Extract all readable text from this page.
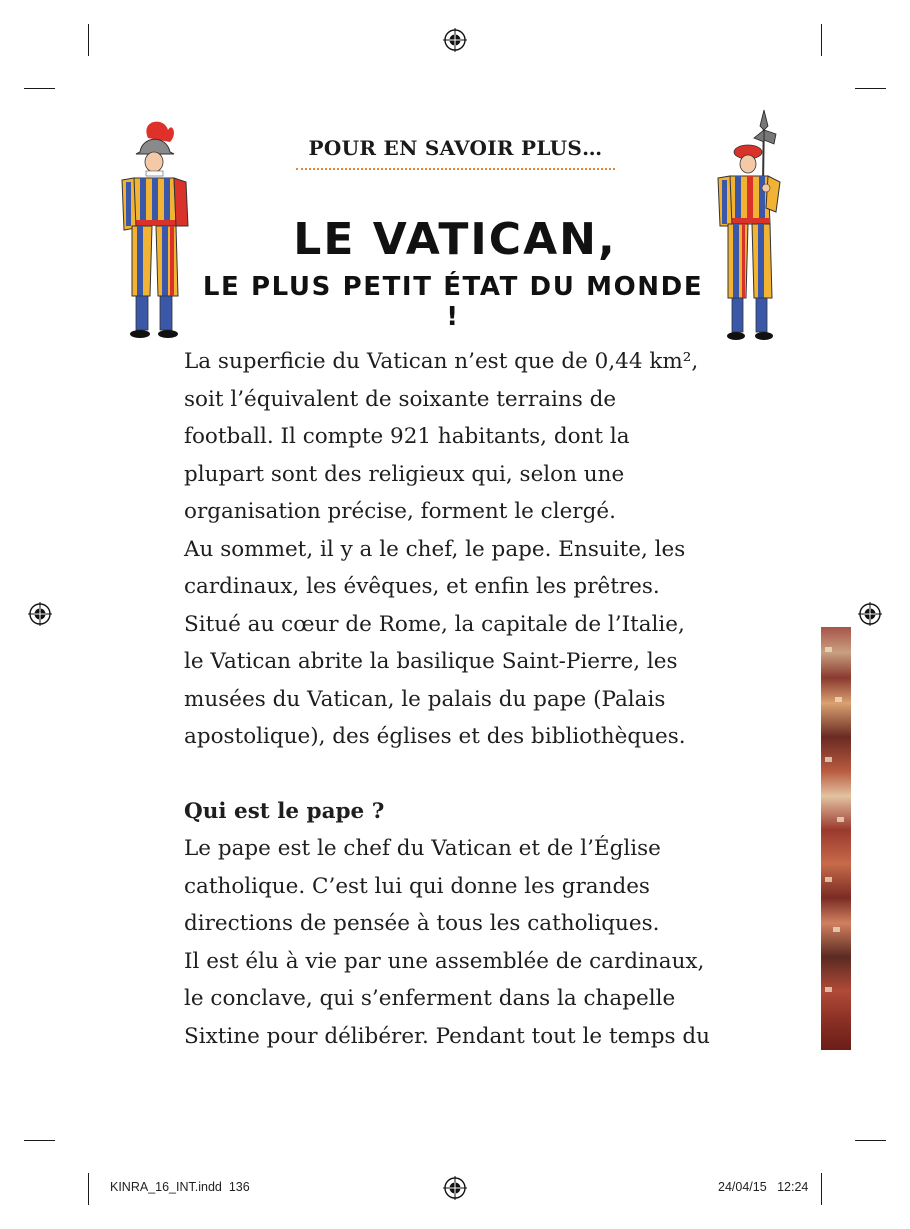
POUR EN SAVOIR PLUS…
LE VATICAN,
LE PLUS PETIT ÉTAT DU MONDE !
La superficie du Vatican n’est que de 0,44 km²,
soit l’équivalent de soixante terrains de
football. Il compte 921 habitants, dont la
plupart sont des religieux qui, selon une
organisation précise, forment le clergé.
Au sommet, il y a le chef, le pape. Ensuite, les
cardinaux, les évêques, et enfin les prêtres.
Situé au cœur de Rome, la capitale de l’Italie,
le Vatican abrite la basilique Saint-Pierre, les
musées du Vatican, le palais du pape (Palais
apostolique), des églises et des bibliothèques.
Qui est le pape ?
Le pape est le chef du Vatican et de l’Église
catholique. C’est lui qui donne les grandes
directions de pensée à tous les catholiques.
Il est élu à vie par une assemblée de cardinaux,
le conclave, qui s’enferment dans la chapelle
Sixtine pour délibérer. Pendant tout le temps du
KINRA_16_INT.indd 136	24/04/15 12:24
